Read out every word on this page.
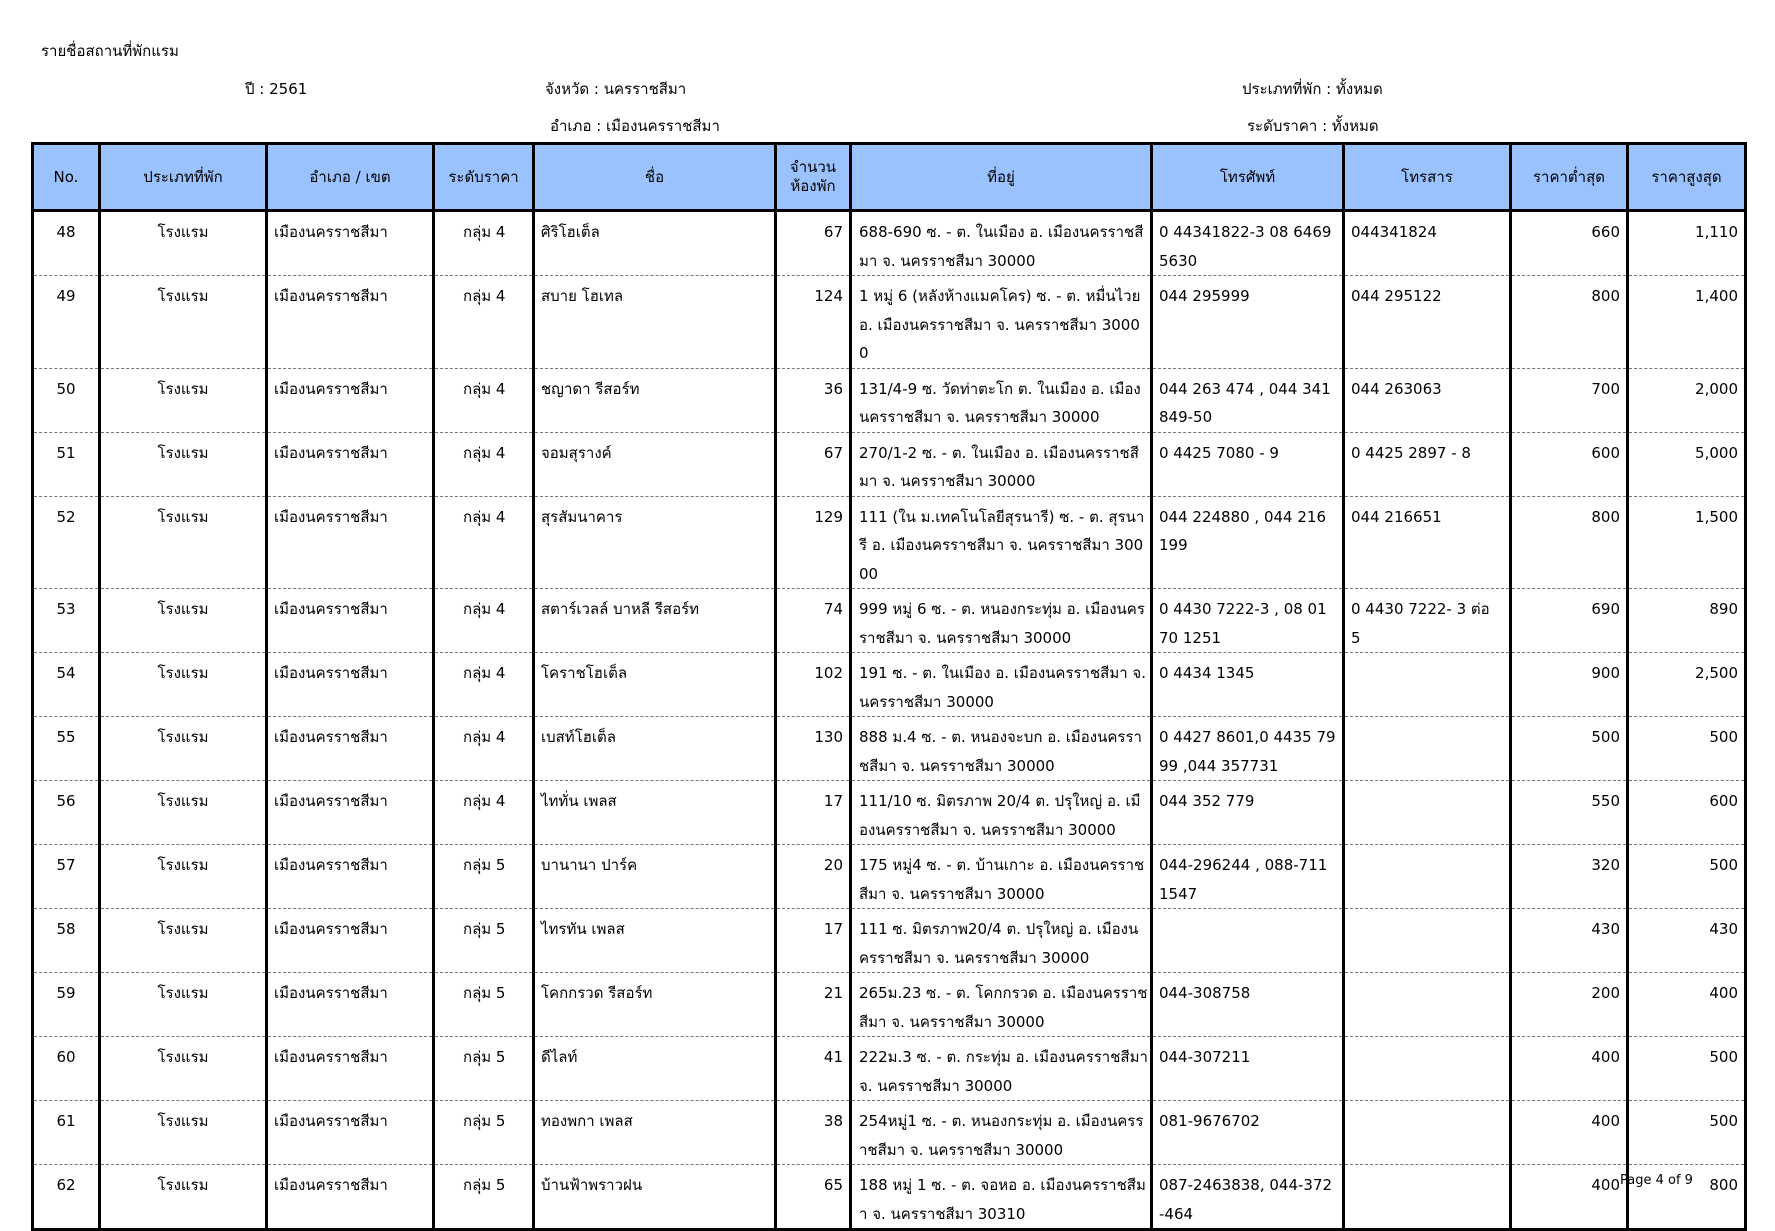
รายชื่อสถานที่พักแรม
ปี : 2561	จังหวัด : นครราชสีมา	ประเภทที่พัก : ทั้งหมด
อำเภอ : เมืองนครราชสีมา	ระดับราคา : ทั้งหมด
No.	ประเภทที่พัก	อำเภอ / เขต	ระดับราคา	ชื่อ	จำนวนห้องพัก	ที่อยู่	โทรศัพท์	โทรสาร	ราคาต่ำสุด	ราคาสูงสุด
48	โรงแรม	เมืองนครราชสีมา	กลุ่ม 4	ศิริโฮเต็ล	67	688-690 ซ. - ต. ในเมือง อ. เมืองนครราชสีมา จ. นครราชสีมา 30000	0 44341822-3 08 6469 5630	044341824	660	1,110
49	โรงแรม	เมืองนครราชสีมา	กลุ่ม 4	สบาย โฮเทล	124	1 หมู่ 6 (หลังห้างแมคโคร) ซ. - ต. หมื่นไวย อ. เมืองนครราชสีมา จ. นครราชสีมา 30000	044 295999	044 295122	800	1,400
50	โรงแรม	เมืองนครราชสีมา	กลุ่ม 4	ชญาดา รีสอร์ท	36	131/4-9 ซ. วัดท่าตะโก ต. ในเมือง อ. เมืองนครราชสีมา จ. นครราชสีมา 30000	044 263 474 , 044 341 849-50	044 263063	700	2,000
51	โรงแรม	เมืองนครราชสีมา	กลุ่ม 4	จอมสุรางค์	67	270/1-2 ซ. - ต. ในเมือง อ. เมืองนครราชสีมา จ. นครราชสีมา 30000	0 4425 7080 - 9	0 4425 2897 - 8	600	5,000
52	โรงแรม	เมืองนครราชสีมา	กลุ่ม 4	สุรสัมนาคาร	129	111 (ใน ม.เทคโนโลยีสุรนารี) ซ. - ต. สุรนารี อ. เมืองนครราชสีมา จ. นครราชสีมา 30000	044 224880 , 044 216 199	044 216651	800	1,500
53	โรงแรม	เมืองนครราชสีมา	กลุ่ม 4	สตาร์เวลล์ บาหลี รีสอร์ท	74	999 หมู่ 6 ซ. - ต. หนองกระทุ่ม อ. เมืองนครราชสีมา จ. นครราชสีมา 30000	0 4430 7222-3 , 08 0170 1251	0 4430 7222- 3 ต่อ 5	690	890
54	โรงแรม	เมืองนครราชสีมา	กลุ่ม 4	โคราชโฮเต็ล	102	191 ซ. - ต. ในเมือง อ. เมืองนครราชสีมา จ. นครราชสีมา 30000	0 4434 1345		900	2,500
55	โรงแรม	เมืองนครราชสีมา	กลุ่ม 4	เบสท์โฮเต็ล	130	888 ม.4 ซ. - ต. หนองจะบก อ. เมืองนครราชสีมา จ. นครราชสีมา 30000	0 4427 8601,0 4435 7999 ,044 357731		500	500
56	โรงแรม	เมืองนครราชสีมา	กลุ่ม 4	ไททั่น เพลส	17	111/10 ซ. มิตรภาพ 20/4 ต. ปรุใหญ่ อ. เมืองนครราชสีมา จ. นครราชสีมา 30000	044 352 779		550	600
57	โรงแรม	เมืองนครราชสีมา	กลุ่ม 5	บานานา ปาร์ค	20	175 หมู่4 ซ. - ต. บ้านเกาะ อ. เมืองนครราชสีมา จ. นครราชสีมา 30000	044-296244 , 088-7111547		320	500
58	โรงแรม	เมืองนครราชสีมา	กลุ่ม 5	ไทรทัน เพลส	17	111 ซ. มิตรภาพ20/4 ต. ปรุใหญ่ อ. เมืองนครราชสีมา จ. นครราชสีมา 30000			430	430
59	โรงแรม	เมืองนครราชสีมา	กลุ่ม 5	โคกกรวด รีสอร์ท	21	265ม.23 ซ. - ต. โคกกรวด อ. เมืองนครราชสีมา จ. นครราชสีมา 30000	044-308758		200	400
60	โรงแรม	เมืองนครราชสีมา	กลุ่ม 5	ดีไลท์	41	222ม.3 ซ. - ต. กระทุ่ม อ. เมืองนครราชสีมา จ. นครราชสีมา 30000	044-307211		400	500
61	โรงแรม	เมืองนครราชสีมา	กลุ่ม 5	ทองพกา เพลส	38	254หมู่1 ซ. - ต. หนองกระทุ่ม อ. เมืองนครราชสีมา จ. นครราชสีมา 30000	081-9676702		400	500
62	โรงแรม	เมืองนครราชสีมา	กลุ่ม 5	บ้านฟ้าพราวฝน	65	188 หมู่ 1 ซ. - ต. จอหอ อ. เมืองนครราชสีมา จ. นครราชสีมา 30310	087-2463838, 044-372-464		400	800
Page 4 of 9
